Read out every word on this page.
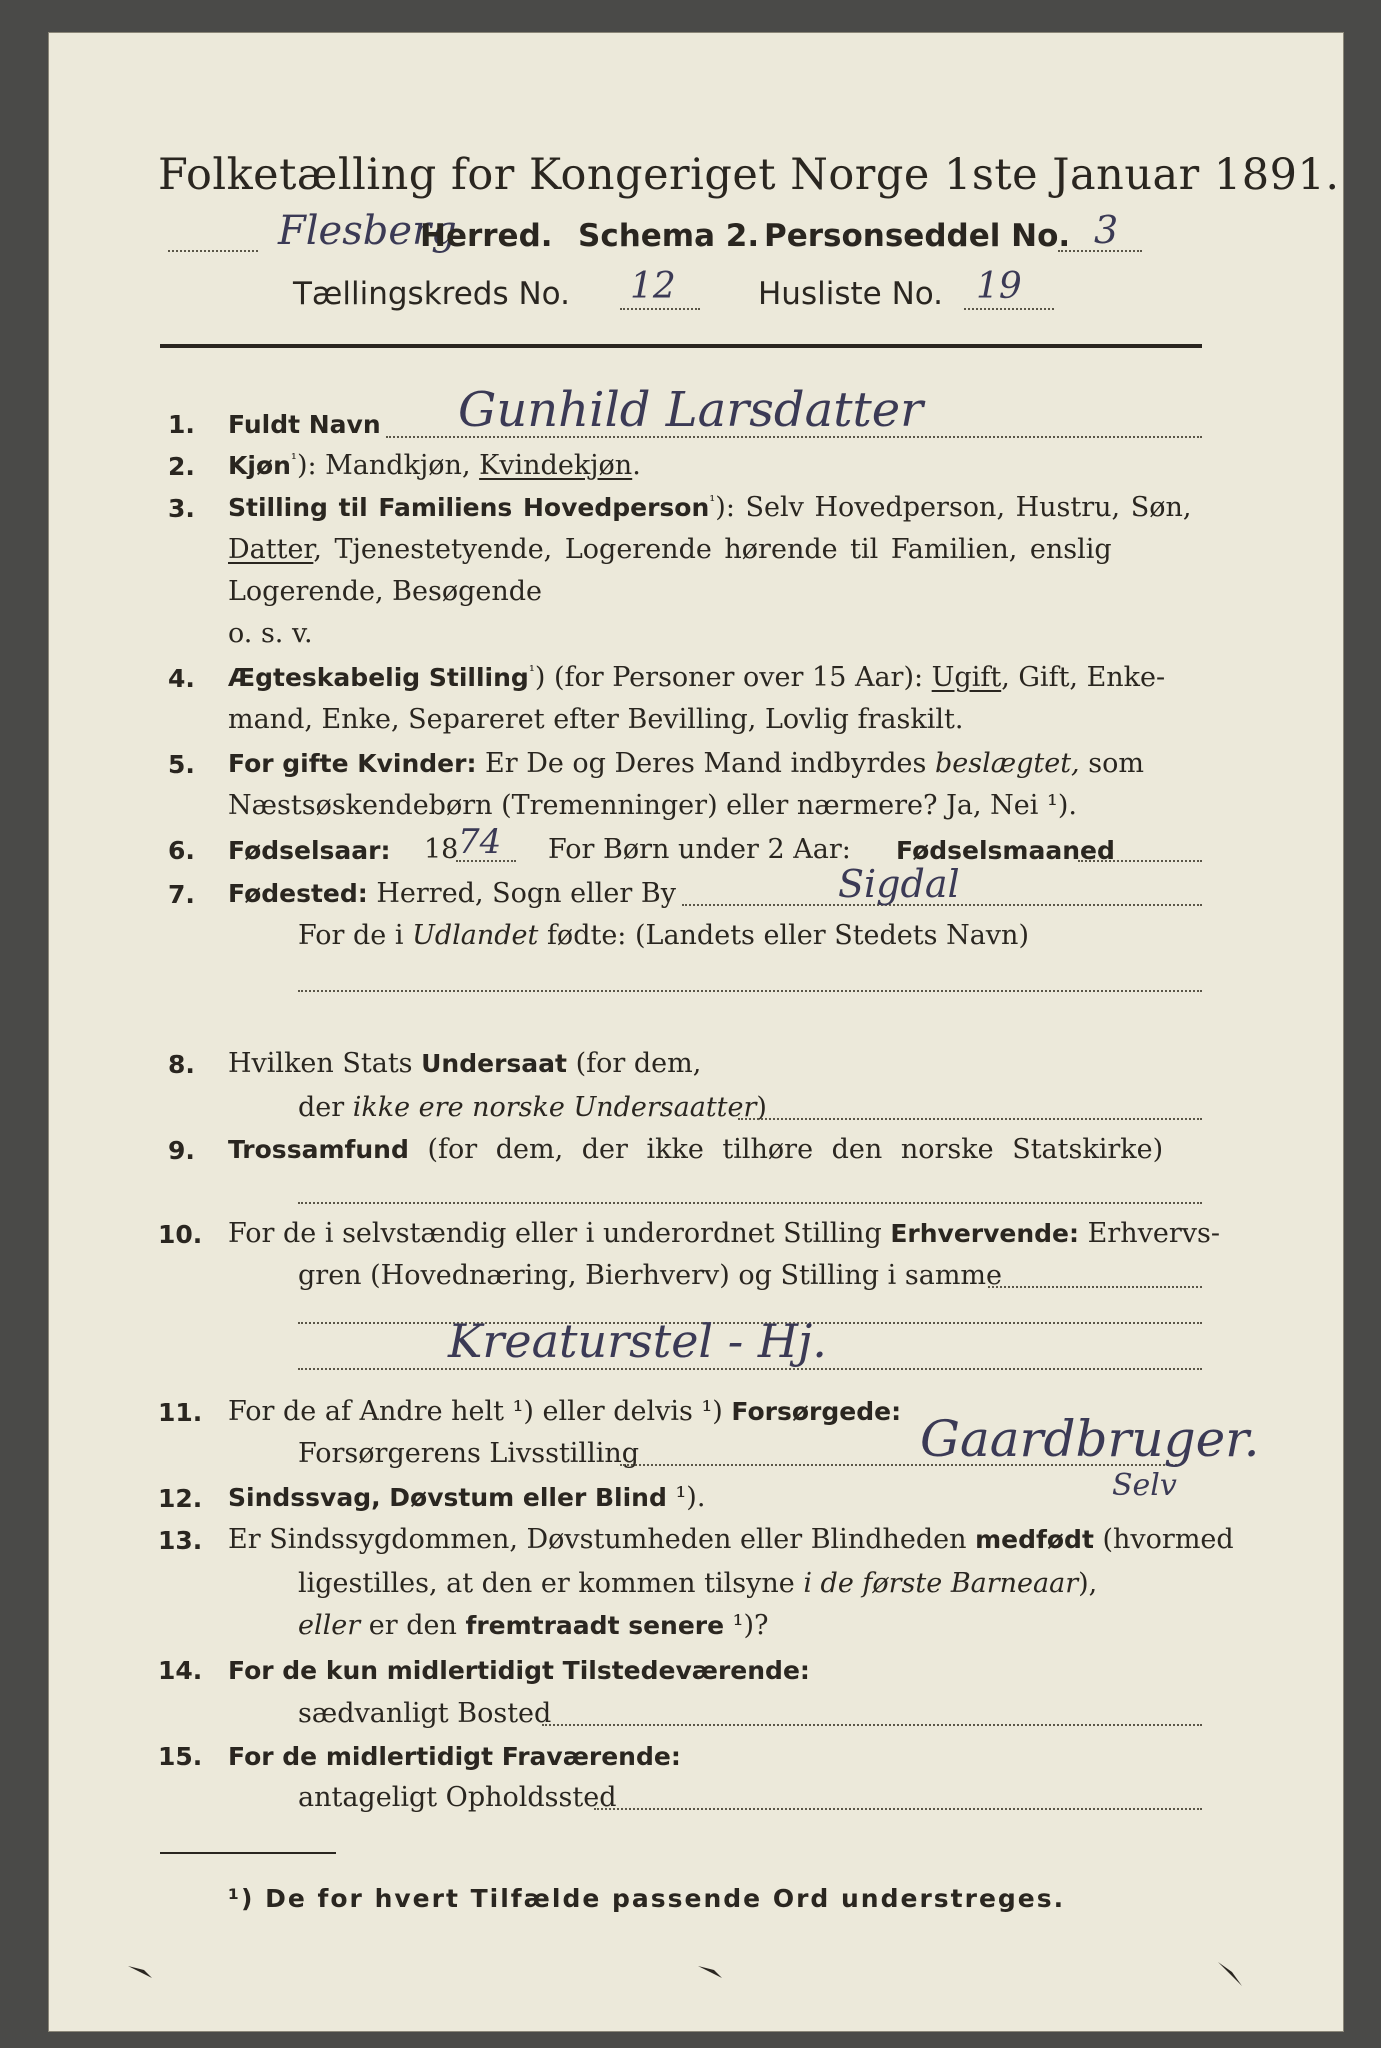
Folketælling for Kongeriget Norge 1ste Januar 1891.
Flesberg
Herred. Schema 2. Personseddel No. 3
Tællingskreds No. 12	Husliste No. 19
1. Fuldt Navn Gunhild Larsdatter
2. Kjøn$^{^1}$): Mandkjøn, Kvindekjøn.
3. Stilling til Familiens Hovedperson$^{^1}$): Selv Hovedperson, Hustru, Søn,
Datter, Tjenestetyende, Logerende hørende til Familien, enslig
Logerende, Besøgende
o. s. v.
4. Ægteskabelig Stilling$^{^1}$) (for Personer over 15 Aar): Ugift, Gift, Enke-
mand, Enke, Separeret efter Bevilling, Lovlig fraskilt.
5. For gifte Kvinder: Er De og Deres Mand indbyrdes beslægtet, som
Næstsøskendebørn (Tremenninger) eller nærmere? Ja, Nei ¹).
6. Fødselsaar: 18 74 For Børn under 2 Aar: Fødselsmaaned
7. Fødested: Herred, Sogn eller By	Sigdal
For de i Udlandet fødte: (Landets eller Stedets Navn)
8. Hvilken Stats Undersaat (for dem,
der ikke ere norske Undersaatter)
9. Trossamfund (for dem, der ikke tilhøre den norske Statskirke)
10. For de i selvstændig eller i underordnet Stilling Erhvervende: Erhvervs-
gren (Hovednæring, Bierhverv) og Stilling i samme
Kreaturstel - Hj.
11. For de af Andre helt ¹) eller delvis ¹) Forsørgede:
Forsørgerens Livsstilling	Gaardbruger.
12. Sindssvag, Døvstum eller Blind ¹).	Selv
13. Er Sindssygdommen, Døvstumheden eller Blindheden medfødt (hvormed
ligestilles, at den er kommen tilsyne i de første Barneaar),
eller er den fremtraadt senere ¹)?
14. For de kun midlertidigt Tilstedeværende:
sædvanligt Bosted
15. For de midlertidigt Fraværende:
antageligt Opholdssted
¹) De for hvert Tilfælde passende Ord understreges.
